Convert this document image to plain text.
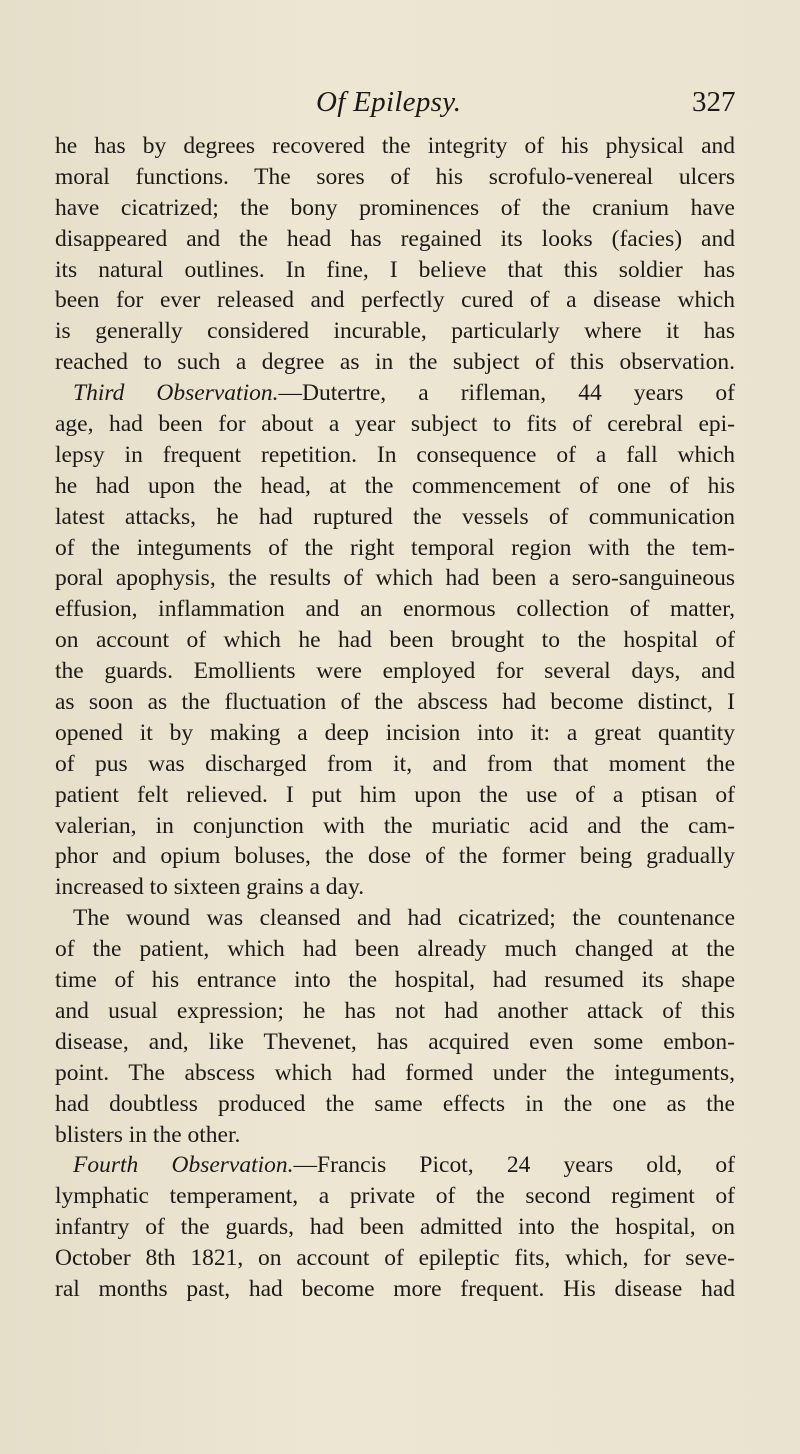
Of Epilepsy.	327
he has by degrees recovered the integrity of his physical and
moral functions. The sores of his scrofulo-venereal ulcers
have cicatrized; the bony prominences of the cranium have
disappeared and the head has regained its looks (facies) and
its natural outlines. In fine, I believe that this soldier has
been for ever released and perfectly cured of a disease which
is generally considered incurable, particularly where it has
reached to such a degree as in the subject of this observation.
Third Observation.—Dutertre, a rifleman, 44 years of
age, had been for about a year subject to fits of cerebral epi-
lepsy in frequent repetition. In consequence of a fall which
he had upon the head, at the commencement of one of his
latest attacks, he had ruptured the vessels of communication
of the integuments of the right temporal region with the tem-
poral apophysis, the results of which had been a sero-sanguineous
effusion, inflammation and an enormous collection of matter,
on account of which he had been brought to the hospital of
the guards. Emollients were employed for several days, and
as soon as the fluctuation of the abscess had become distinct, I
opened it by making a deep incision into it: a great quantity
of pus was discharged from it, and from that moment the
patient felt relieved. I put him upon the use of a ptisan of
valerian, in conjunction with the muriatic acid and the cam-
phor and opium boluses, the dose of the former being gradually
increased to sixteen grains a day.
The wound was cleansed and had cicatrized; the countenance
of the patient, which had been already much changed at the
time of his entrance into the hospital, had resumed its shape
and usual expression; he has not had another attack of this
disease, and, like Thevenet, has acquired even some embon-
point. The abscess which had formed under the integuments,
had doubtless produced the same effects in the one as the
blisters in the other.
Fourth Observation.—Francis Picot, 24 years old, of
lymphatic temperament, a private of the second regiment of
infantry of the guards, had been admitted into the hospital, on
October 8th 1821, on account of epileptic fits, which, for seve-
ral months past, had become more frequent. His disease had
